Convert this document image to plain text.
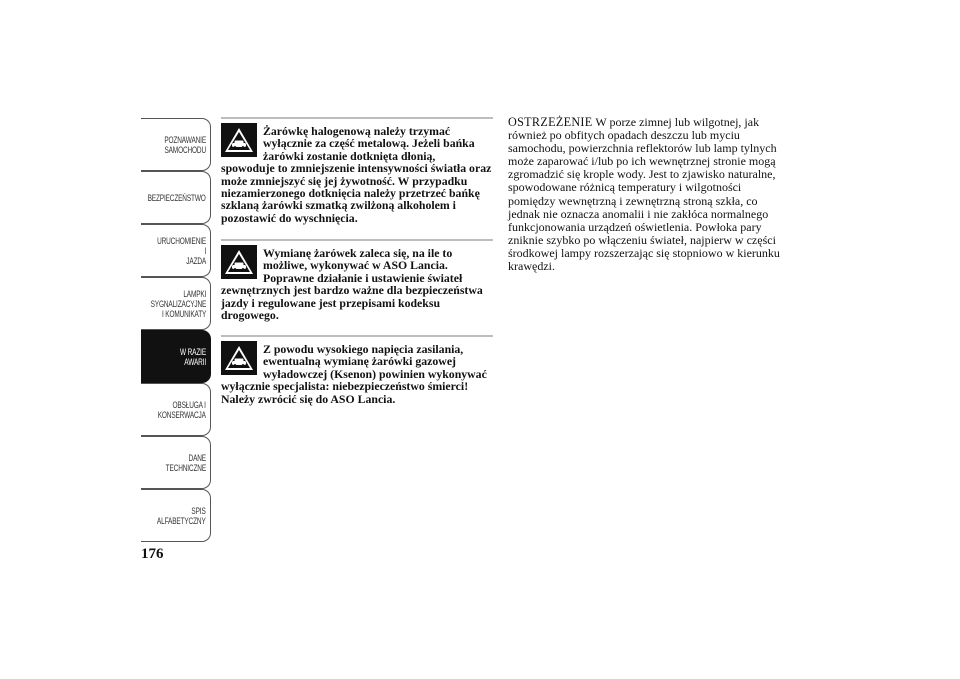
POZNAWANIE
SAMOCHODU
BEZPIECZEŃSTWO
URUCHOMIENIE I
JAZDA
LAMPKI
SYGNALIZACYJNE
I KOMUNIKATY
W RAZIE AWARII
OBSŁUGA I
KONSERWACJA
DANE
TECHNICZNE
SPIS
ALFABETYCZNY
176

Żarówkę halogenową należy trzymać
wyłącznie za część metalową. Jeżeli bańka
żarówki zostanie dotknięta dłonią,
spowoduje to zmniejszenie intensywności światła oraz może zmniejszyć się jej żywotność. W przypadku niezamierzonego dotknięcia należy przetrzeć bańkę szklaną żarówki szmatką zwilżoną alkoholem i pozostawić do wyschnięcia.

Wymianę żarówek zaleca się, na ile to
możliwe, wykonywać w ASO Lancia.
Poprawne działanie i ustawienie świateł
zewnętrznych jest bardzo ważne dla bezpieczeństwa jazdy i regulowane jest przepisami kodeksu drogowego.

Z powodu wysokiego napięcia zasilania,
ewentualną wymianę żarówki gazowej
wyładowczej (Ksenon) powinien wykonywać
wyłącznie specjalista: niebezpieczeństwo śmierci! Należy zwrócić się do ASO Lancia.

OSTRZEŻENIE W porze zimnej lub wilgotnej, jak również po obfitych opadach deszczu lub myciu samochodu, powierzchnia reflektorów lub lamp tylnych może zaparować i/lub po ich wewnętrznej stronie mogą zgromadzić się krople wody. Jest to zjawisko naturalne, spowodowane różnicą temperatury i wilgotności pomiędzy wewnętrzną i zewnętrzną stroną szkła, co jednak nie oznacza anomalii i nie zakłóca normalnego funkcjonowania urządzeń oświetlenia. Powłoka pary zniknie szybko po włączeniu świateł, najpierw w części środkowej lampy rozszerzając się stopniowo w kierunku krawędzi.
